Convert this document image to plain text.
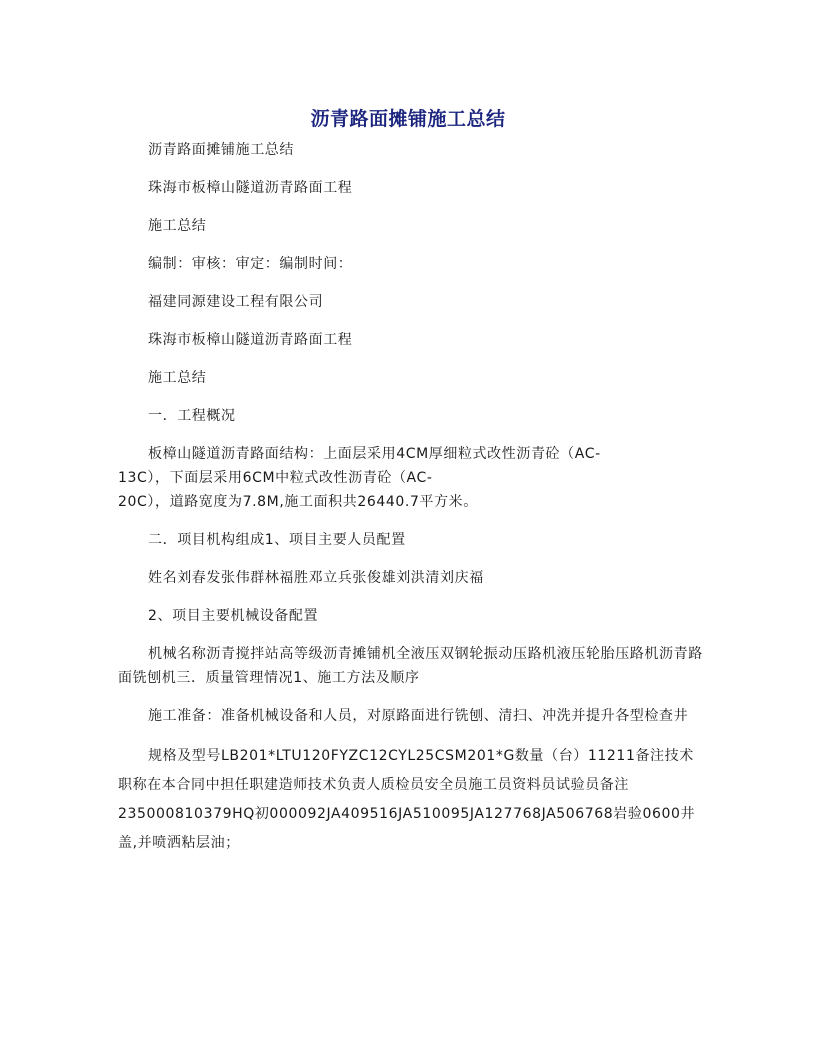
沥青路面摊铺施工总结

沥青路面摊铺施工总结

珠海市板樟山隧道沥青路面工程

施工总结

编制：审核：审定：编制时间：

福建同源建设工程有限公司

珠海市板樟山隧道沥青路面工程

施工总结

一．工程概况

板樟山隧道沥青路面结构：上面层采用4CM厚细粒式改性沥青砼（AC-
13C），下面层采用6CM中粒式改性沥青砼（AC-
20C），道路宽度为7.8M,施工面积共26440.7平方米。

二．项目机构组成1、项目主要人员配置

姓名刘春发张伟群林福胜邓立兵张俊雄刘洪清刘庆福

2、项目主要机械设备配置

机械名称沥青搅拌站高等级沥青摊铺机全液压双钢轮振动压路机液压轮胎压路机沥青路面铣刨机三．质量管理情况1、施工方法及顺序

施工准备：准备机械设备和人员，对原路面进行铣刨、清扫、冲洗并提升各型检查井

规格及型号LB201*LTU120FYZC12CYL25CSM201*G数量（台）11211备注技术职称在本合同中担任职建造师技术负责人质检员安全员施工员资料员试验员备注235000810379HQ初000092JA409516JA510095JA127768JA506768岩验0600井盖,并喷洒粘层油；
